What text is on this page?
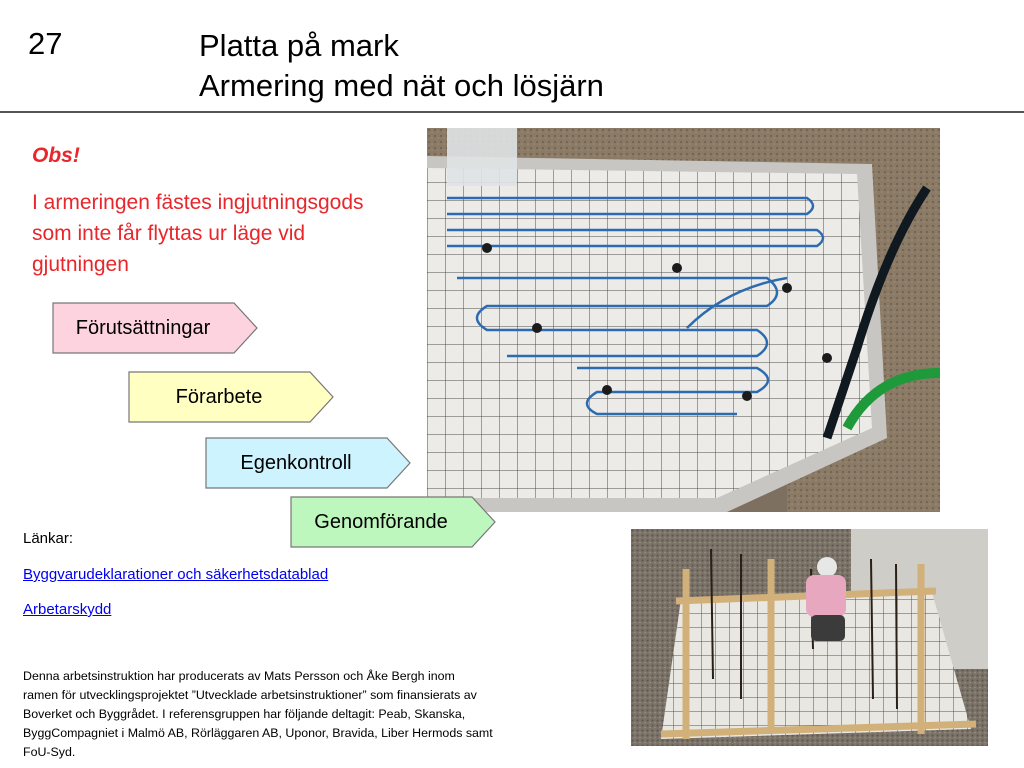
27	Platta på mark
Armering med nät och lösjärn
Obs!
I armeringen fästes ingjutningsgods som inte får flyttas ur läge vid gjutningen
Förutsättningar
Förarbete
Egenkontroll
Länkar:
Byggvarudeklarationer och säkerhetsdatablad
Arbetarskydd
Denna arbetsinstruktion har producerats av Mats Persson och Åke Bergh inom ramen för utvecklingsprojektet ”Utvecklade arbetsinstruktioner” som finansierats av Boverket och Byggrådet. I referensgruppen har följande deltagit: Peab, Skanska, ByggCompagniet i Malmö AB, Rörläggaren AB, Uponor, Bravida, Liber Hermods samt FoU-Syd.
Genomförande
